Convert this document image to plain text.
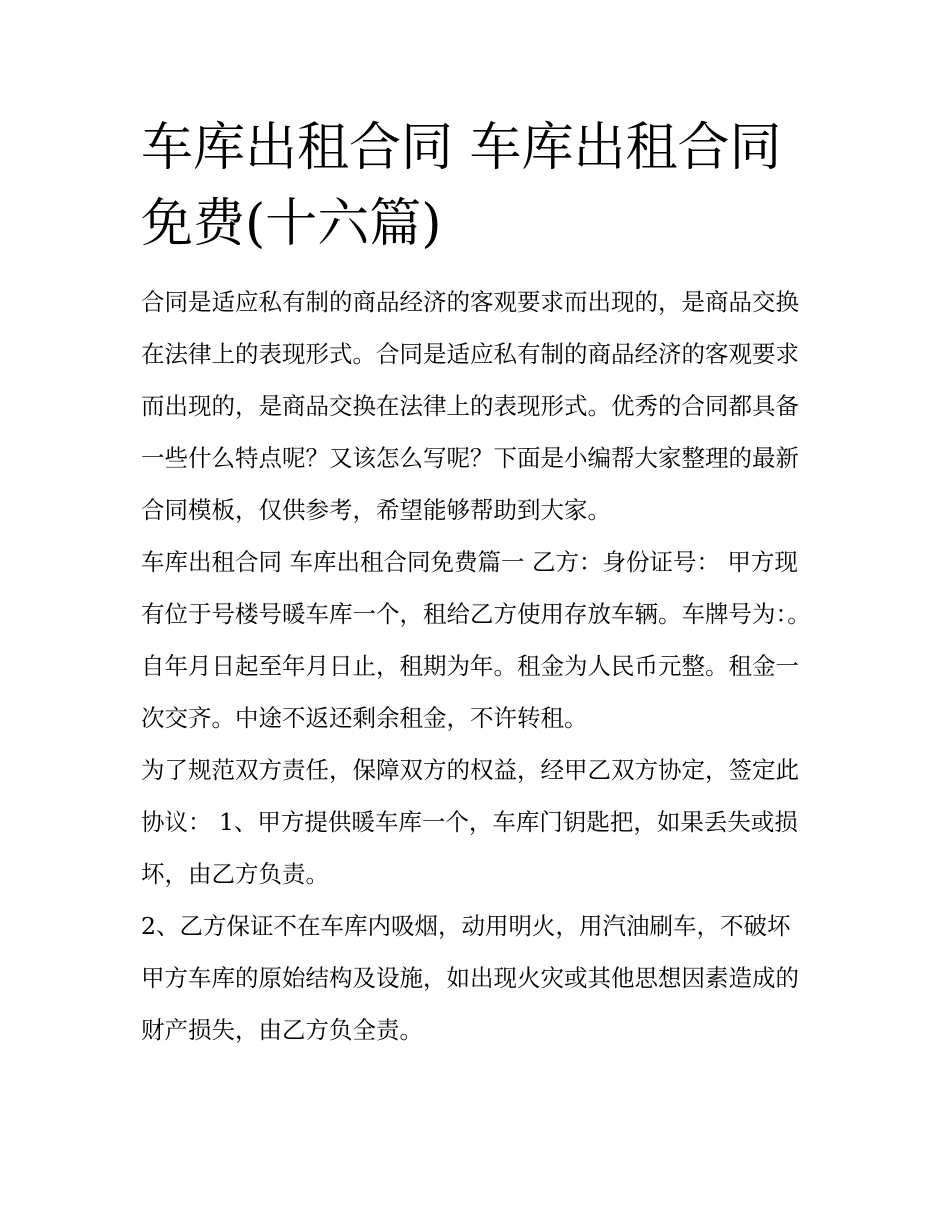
车库出租合同 车库出租合同免费(十六篇)

合同是适应私有制的商品经济的客观要求而出现的，是商品交换在法律上的表现形式。合同是适应私有制的商品经济的客观要求而出现的，是商品交换在法律上的表现形式。优秀的合同都具备一些什么特点呢？又该怎么写呢？下面是小编帮大家整理的最新合同模板，仅供参考，希望能够帮助到大家。

车库出租合同 车库出租合同免费篇一 乙方：身份证号： 甲方现有位于号楼号暖车库一个，租给乙方使用存放车辆。车牌号为：。

自年月日起至年月日止，租期为年。租金为人民币元整。租金一次交齐。中途不返还剩余租金，不许转租。

为了规范双方责任，保障双方的权益，经甲乙双方协定，签定此协议： 1、甲方提供暖车库一个，车库门钥匙把，如果丢失或损坏，由乙方负责。

2、乙方保证不在车库内吸烟，动用明火，用汽油刷车，不破坏甲方车库的原始结构及设施，如出现火灾或其他思想因素造成的财产损失，由乙方负全责。
